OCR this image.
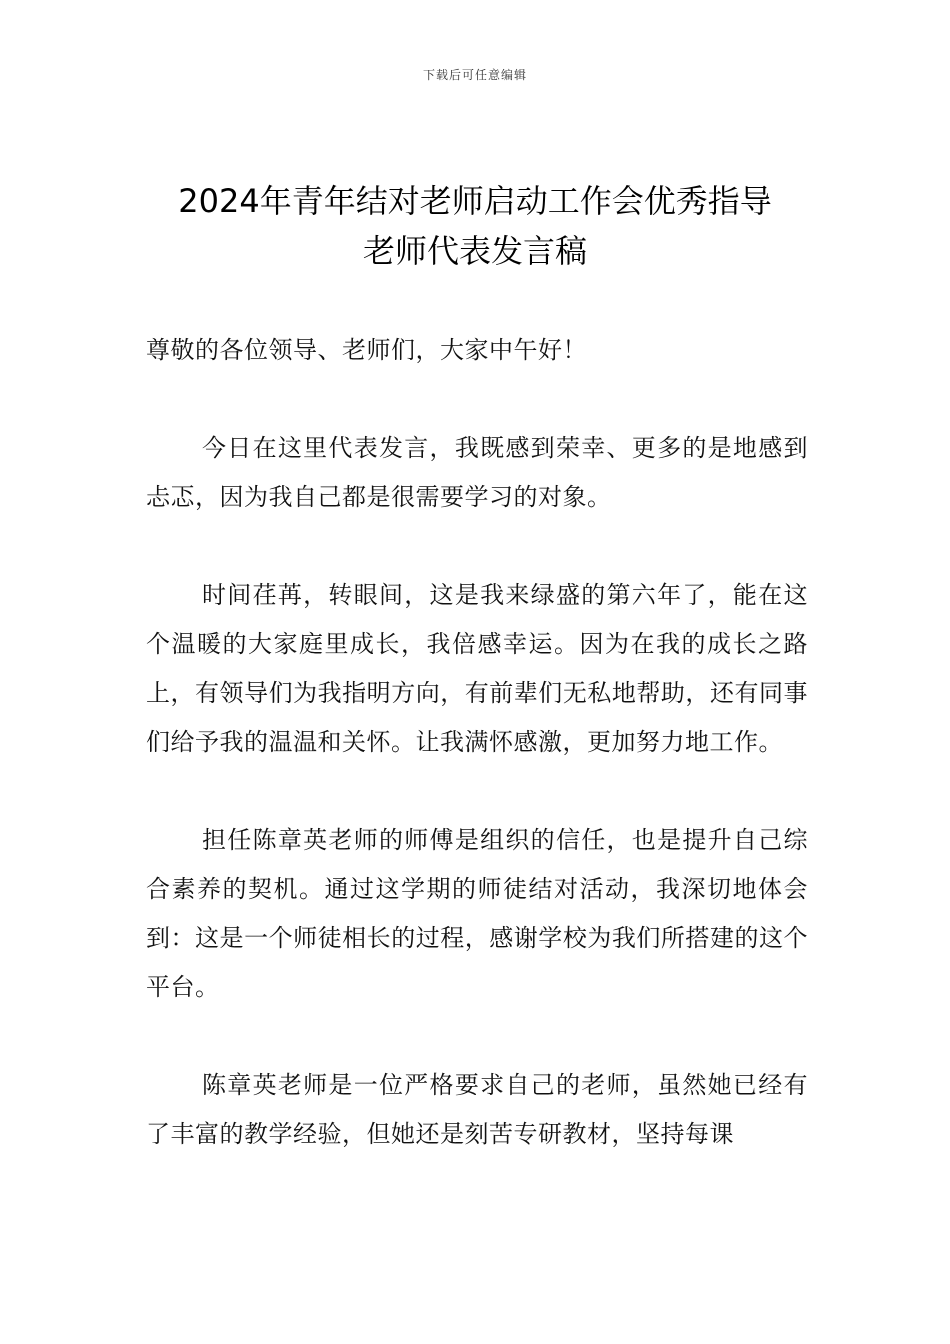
下载后可任意编辑
2024年青年结对老师启动工作会优秀指导
老师代表发言稿

尊敬的各位领导、老师们，大家中午好！

今日在这里代表发言，我既感到荣幸、更多的是地感到忐忑，因为我自己都是很需要学习的对象。

时间荏苒，转眼间，这是我来绿盛的第六年了，能在这个温暖的大家庭里成长，我倍感幸运。因为在我的成长之路上，有领导们为我指明方向，有前辈们无私地帮助，还有同事们给予我的温温和关怀。让我满怀感激，更加努力地工作。

担任陈章英老师的师傅是组织的信任，也是提升自己综合素养的契机。通过这学期的师徒结对活动，我深切地体会到：这是一个师徒相长的过程，感谢学校为我们所搭建的这个平台。

陈章英老师是一位严格要求自己的老师，虽然她已经有了丰富的教学经验，但她还是刻苦专研教材，坚持每课
